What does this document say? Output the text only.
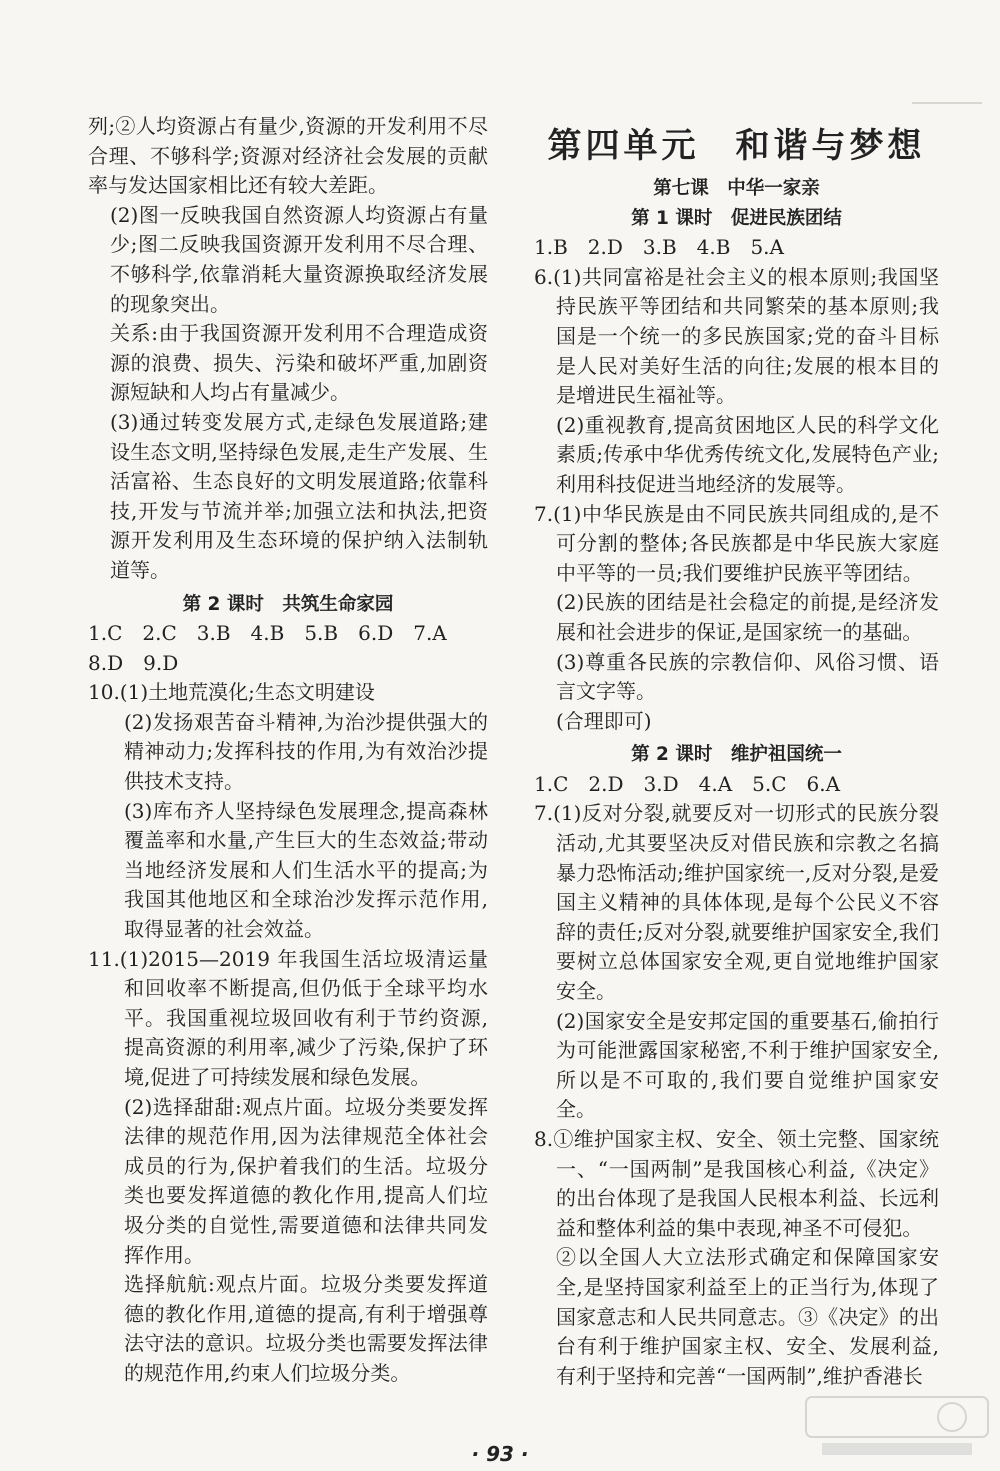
列;②人均资源占有量少,资源的开发利用不尽合理、不够科学;资源对经济社会发展的贡献率与发达国家相比还有较大差距。

(2)图一反映我国自然资源人均资源占有量少;图二反映我国资源开发利用不尽合理、不够科学,依靠消耗大量资源换取经济发展的现象突出。

关系:由于我国资源开发利用不合理造成资源的浪费、损失、污染和破坏严重,加剧资源短缺和人均占有量减少。

(3)通过转变发展方式,走绿色发展道路;建设生态文明,坚持绿色发展,走生产发展、生活富裕、生态良好的文明发展道路;依靠科技,开发与节流并举;加强立法和执法,把资源开发利用及生态环境的保护纳入法制轨道等。

第 2 课时　共筑生命家园

1.C　2.C　3.B　4.B　5.B　6.D　7.A

8.D　9.D

10.(1)土地荒漠化;生态文明建设

(2)发扬艰苦奋斗精神,为治沙提供强大的精神动力;发挥科技的作用,为有效治沙提供技术支持。

(3)库布齐人坚持绿色发展理念,提高森林覆盖率和水量,产生巨大的生态效益;带动当地经济发展和人们生活水平的提高;为我国其他地区和全球治沙发挥示范作用,取得显著的社会效益。

11.(1)2015—2019 年我国生活垃圾清运量和回收率不断提高,但仍低于全球平均水平。我国重视垃圾回收有利于节约资源,提高资源的利用率,减少了污染,保护了环境,促进了可持续发展和绿色发展。

(2)选择甜甜:观点片面。垃圾分类要发挥法律的规范作用,因为法律规范全体社会成员的行为,保护着我们的生活。垃圾分类也要发挥道德的教化作用,提高人们垃圾分类的自觉性,需要道德和法律共同发挥作用。

选择航航:观点片面。垃圾分类要发挥道德的教化作用,道德的提高,有利于增强尊法守法的意识。垃圾分类也需要发挥法律的规范作用,约束人们垃圾分类。

第四单元 和谐与梦想

第七课　中华一家亲

第 1 课时　促进民族团结

1.B　2.D　3.B　4.B　5.A

6.(1)共同富裕是社会主义的根本原则;我国坚持民族平等团结和共同繁荣的基本原则;我国是一个统一的多民族国家;党的奋斗目标是人民对美好生活的向往;发展的根本目的是增进民生福祉等。

(2)重视教育,提高贫困地区人民的科学文化素质;传承中华优秀传统文化,发展特色产业;利用科技促进当地经济的发展等。

7.(1)中华民族是由不同民族共同组成的,是不可分割的整体;各民族都是中华民族大家庭中平等的一员;我们要维护民族平等团结。

(2)民族的团结是社会稳定的前提,是经济发展和社会进步的保证,是国家统一的基础。

(3)尊重各民族的宗教信仰、风俗习惯、语言文字等。

(合理即可)

第 2 课时　维护祖国统一

1.C　2.D　3.D　4.A　5.C　6.A

7.(1)反对分裂,就要反对一切形式的民族分裂活动,尤其要坚决反对借民族和宗教之名搞暴力恐怖活动;维护国家统一,反对分裂,是爱国主义精神的具体体现,是每个公民义不容辞的责任;反对分裂,就要维护国家安全,我们要树立总体国家安全观,更自觉地维护国家安全。

(2)国家安全是安邦定国的重要基石,偷拍行为可能泄露国家秘密,不利于维护国家安全,所以是不可取的,我们要自觉维护国家安全。

8.①维护国家主权、安全、领土完整、国家统一、“一国两制”是我国核心利益,《决定》的出台体现了是我国人民根本利益、长远利益和整体利益的集中表现,神圣不可侵犯。

②以全国人大立法形式确定和保障国家安全,是坚持国家利益至上的正当行为,体现了国家意志和人民共同意志。③《决定》的出台有利于维护国家主权、安全、发展利益,有利于坚持和完善“一国两制”,维护香港长

· 93 ·
